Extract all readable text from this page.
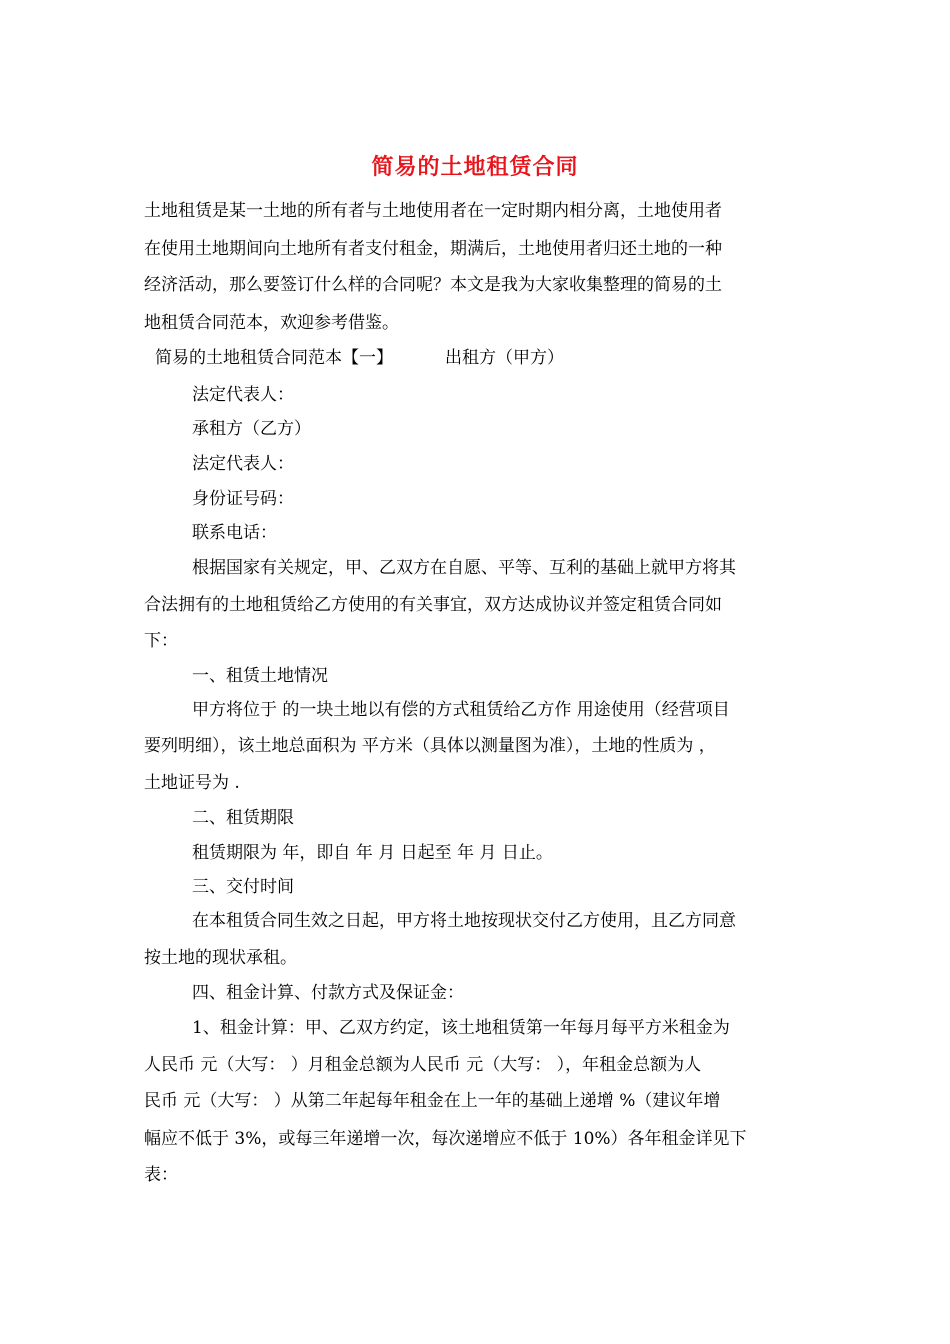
简易的土地租赁合同
土地租赁是某一土地的所有者与土地使用者在一定时期内相分离，土地使用者
在使用土地期间向土地所有者支付租金，期满后，土地使用者归还土地的一种
经济活动，那么要签订什么样的合同呢？本文是我为大家收集整理的简易的土
地租赁合同范本，欢迎参考借鉴。
简易的土地租赁合同范本【一】	出租方（甲方）
法定代表人：
承租方（乙方）
法定代表人：
身份证号码：
联系电话：
根据国家有关规定，甲、乙双方在自愿、平等、互利的基础上就甲方将其
合法拥有的土地租赁给乙方使用的有关事宜，双方达成协议并签定租赁合同如
下：
一、租赁土地情况
甲方将位于 的一块土地以有偿的方式租赁给乙方作 用途使用（经营项目
要列明细），该土地总面积为 平方米（具体以测量图为准），土地的性质为 ，
土地证号为 .
二、租赁期限
租赁期限为 年，即自 年 月 日起至 年 月 日止。
三、交付时间
在本租赁合同生效之日起，甲方将土地按现状交付乙方使用，且乙方同意
按土地的现状承租。
四、租金计算、付款方式及保证金：
1、租金计算：甲、乙双方约定，该土地租赁第一年每月每平方米租金为
人民币 元（大写： ）月租金总额为人民币 元（大写： ），年租金总额为人
民币 元（大写： ）从第二年起每年租金在上一年的基础上递增 %（建议年增
幅应不低于 3%，或每三年递增一次，每次递增应不低于 10%）各年租金详见下
表：
